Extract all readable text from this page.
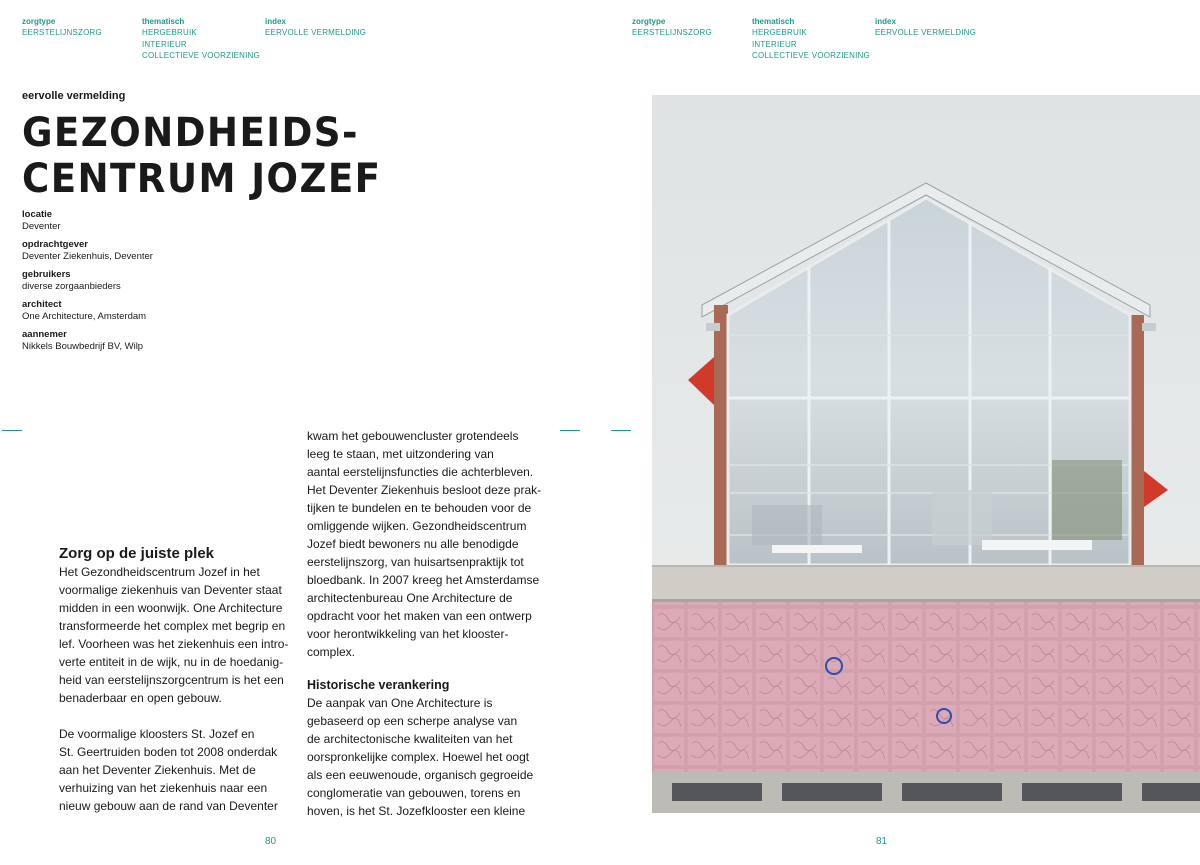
zorgtype
EERSTELIJNSZORG
thematisch
HERGEBRUIK
INTERIEUR
COLLECTIEVE VOORZIENING
index
EERVOLLE VERMELDING
zorgtype
EERSTELIJNSZORG
thematisch
HERGEBRUIK
INTERIEUR
COLLECTIEVE VOORZIENING
index
EERVOLLE VERMELDING
eervolle vermelding
GEZONDHEIDS-
CENTRUM JOZEF
locatie
Deventer
opdrachtgever
Deventer Ziekenhuis, Deventer
gebruikers
diverse zorgaanbieders
architect
One Architecture, Amsterdam
aannemer
Nikkels Bouwbedrijf BV, Wilp
Zorg op de juiste plek

Het Gezondheidscentrum Jozef in het
voormalige ziekenhuis van Deventer staat
midden in een woonwijk. One Architecture
transformeerde het complex met begrip en
lef. Voorheen was het ziekenhuis een intro-
verte entiteit in de wijk, nu in de hoedanig-
heid van eerstelijnszorgcentrum is het een
benaderbaar en open gebouw.

De voormalige kloosters St. Jozef en
St. Geertruiden boden tot 2008 onderdak
aan het Deventer Ziekenhuis. Met de
verhuizing van het ziekenhuis naar een
nieuw gebouw aan de rand van Deventer

kwam het gebouwencluster grotendeels
leeg te staan, met uitzondering van
aantal eerstelijnsfuncties die achterbleven.
Het Deventer Ziekenhuis besloot deze prak-
tijken te bundelen en te behouden voor de
omliggende wijken. Gezondheidscentrum
Jozef biedt bewoners nu alle benodigde
eerstelijnszorg, van huisartsenpraktijk tot
bloedbank. In 2007 kreeg het Amsterdamse
architectenbureau One Architecture de
opdracht voor het maken van een ontwerp
voor herontwikkeling van het klooster-
complex.

Historische verankering

De aanpak van One Architecture is
gebaseerd op een scherpe analyse van
de architectonische kwaliteiten van het
oorspronkelijke complex. Hoewel het oogt
als een eeuwenoude, organisch gegroeide
conglomeratie van gebouwen, torens en
hoven, is het St. Jozefklooster een kleine

80	81
